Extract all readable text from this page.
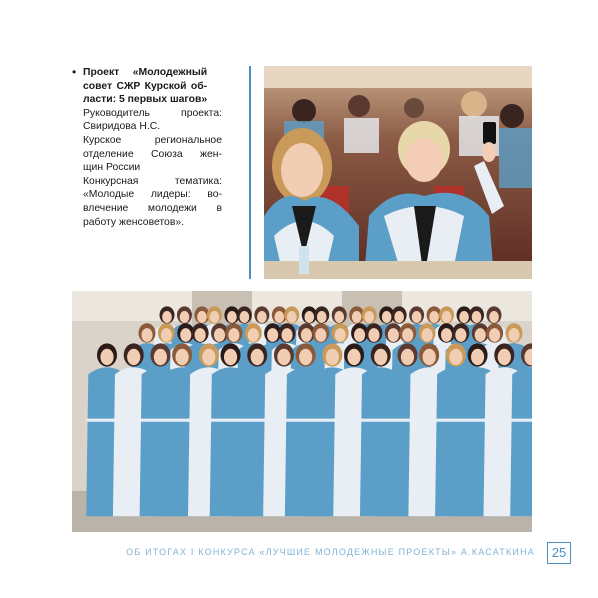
• Проект «Молодежный
совет СЖР Курской об-
ласти: 5 первых шагов»
Руководитель проекта:
Свиридова Н.С.
Курское региональное
отделение Союза жен-
щин России
Конкурсная тематика:
«Молодые лидеры: во-
влечение молодежи в
работу женсоветов».
ОБ ИТОГАХ I КОНКУРСА «ЛУЧШИЕ МОЛОДЕЖНЫЕ ПРОЕКТЫ» А.КАСАТКИНА	25
